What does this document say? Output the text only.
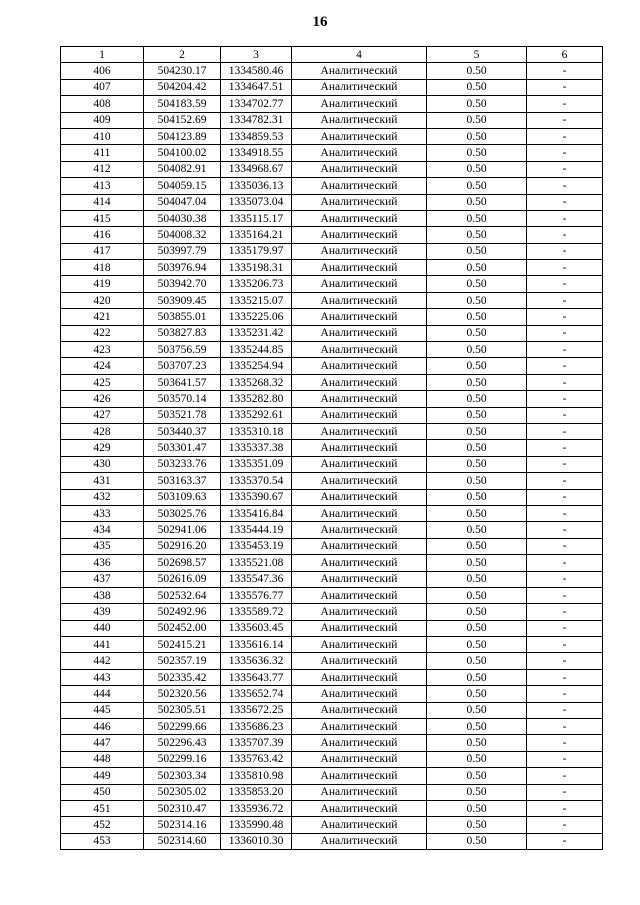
16
1	2	3	4	5	6
406	504230.17	1334580.46	Аналитический	0.50	-
407	504204.42	1334647.51	Аналитический	0.50	-
408	504183.59	1334702.77	Аналитический	0.50	-
409	504152.69	1334782.31	Аналитический	0.50	-
410	504123.89	1334859.53	Аналитический	0.50	-
411	504100.02	1334918.55	Аналитический	0.50	-
412	504082.91	1334968.67	Аналитический	0.50	-
413	504059.15	1335036.13	Аналитический	0.50	-
414	504047.04	1335073.04	Аналитический	0.50	-
415	504030.38	1335115.17	Аналитический	0.50	-
416	504008.32	1335164.21	Аналитический	0.50	-
417	503997.79	1335179.97	Аналитический	0.50	-
418	503976.94	1335198.31	Аналитический	0.50	-
419	503942.70	1335206.73	Аналитический	0.50	-
420	503909.45	1335215.07	Аналитический	0.50	-
421	503855.01	1335225.06	Аналитический	0.50	-
422	503827.83	1335231.42	Аналитический	0.50	-
423	503756.59	1335244.85	Аналитический	0.50	-
424	503707.23	1335254.94	Аналитический	0.50	-
425	503641.57	1335268.32	Аналитический	0.50	-
426	503570.14	1335282.80	Аналитический	0.50	-
427	503521.78	1335292.61	Аналитический	0.50	-
428	503440.37	1335310.18	Аналитический	0.50	-
429	503301.47	1335337.38	Аналитический	0.50	-
430	503233.76	1335351.09	Аналитический	0.50	-
431	503163.37	1335370.54	Аналитический	0.50	-
432	503109.63	1335390.67	Аналитический	0.50	-
433	503025.76	1335416.84	Аналитический	0.50	-
434	502941.06	1335444.19	Аналитический	0.50	-
435	502916.20	1335453.19	Аналитический	0.50	-
436	502698.57	1335521.08	Аналитический	0.50	-
437	502616.09	1335547.36	Аналитический	0.50	-
438	502532.64	1335576.77	Аналитический	0.50	-
439	502492.96	1335589.72	Аналитический	0.50	-
440	502452.00	1335603.45	Аналитический	0.50	-
441	502415.21	1335616.14	Аналитический	0.50	-
442	502357.19	1335636.32	Аналитический	0.50	-
443	502335.42	1335643.77	Аналитический	0.50	-
444	502320.56	1335652.74	Аналитический	0.50	-
445	502305.51	1335672.25	Аналитический	0.50	-
446	502299.66	1335686.23	Аналитический	0.50	-
447	502296.43	1335707.39	Аналитический	0.50	-
448	502299.16	1335763.42	Аналитический	0.50	-
449	502303.34	1335810.98	Аналитический	0.50	-
450	502305.02	1335853.20	Аналитический	0.50	-
451	502310.47	1335936.72	Аналитический	0.50	-
452	502314.16	1335990.48	Аналитический	0.50	-
453	502314.60	1336010.30	Аналитический	0.50	-
